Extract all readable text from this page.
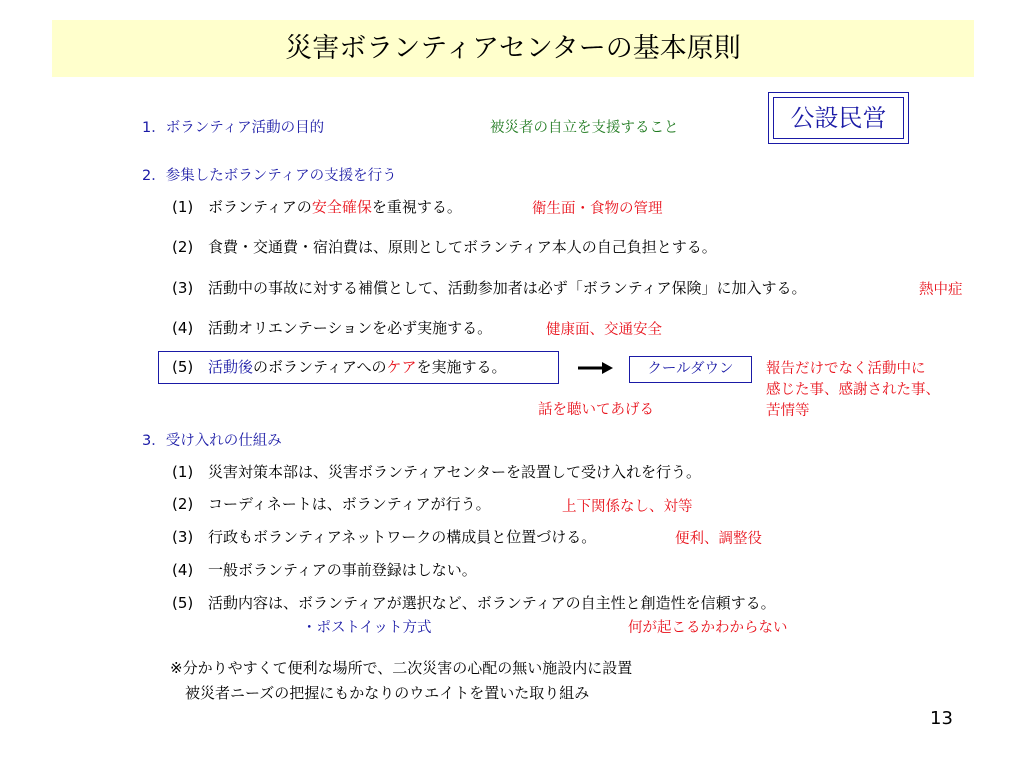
災害ボランティアセンターの基本原則
公設民営
1．ボランティア活動の目的	被災者の自立を支援すること
2．参集したボランティアの支援を行う
(1) ボランティアの安全確保を重視する。	衛生面・食物の管理
(2) 食費・交通費・宿泊費は、原則としてボランティア本人の自己負担とする。
(3) 活動中の事故に対する補償として、活動参加者は必ず「ボランティア保険」に加入する。	熱中症
(4) 活動オリエンテーションを必ず実施する。	健康面、交通安全
(5) 活動後のボランティアへのケアを実施する。	クールダウン	報告だけでなく活動中に
感じた事、感謝された事、
苦情等
話を聴いてあげる
3．受け入れの仕組み
(1) 災害対策本部は、災害ボランティアセンターを設置して受け入れを行う。
(2) コーディネートは、ボランティアが行う。	上下関係なし、対等
(3) 行政もボランティアネットワークの構成員と位置づける。	便利、調整役
(4) 一般ボランティアの事前登録はしない。
(5) 活動内容は、ボランティアが選択など、ボランティアの自主性と創造性を信頼する。
・ポストイット方式	何が起こるかわからない
※分かりやすくて便利な場所で、二次災害の心配の無い施設内に設置
被災者ニーズの把握にもかなりのウエイトを置いた取り組み
13
